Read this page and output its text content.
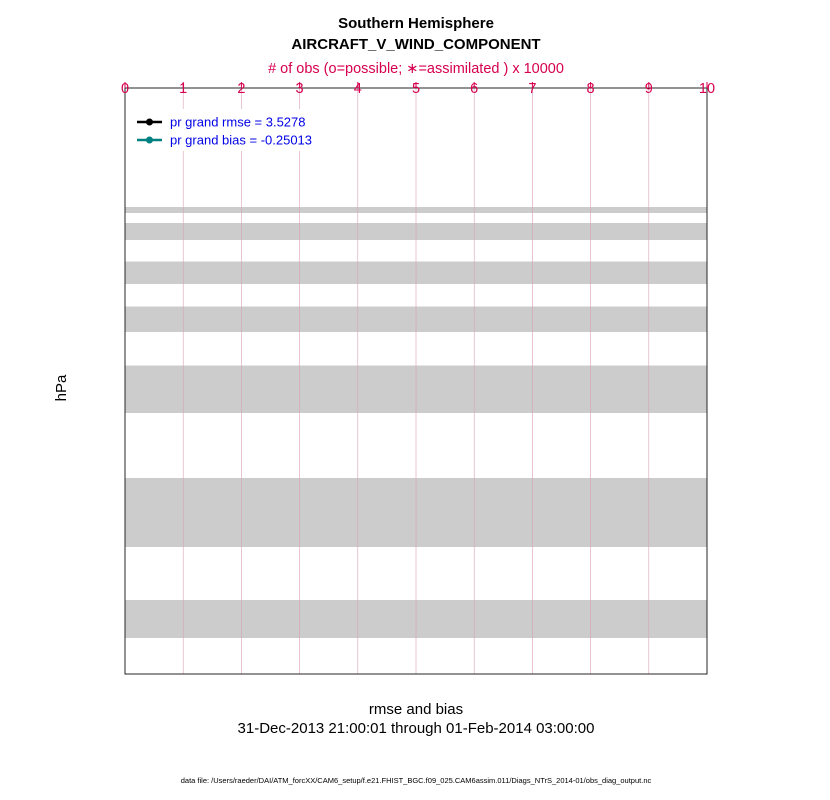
0	1	2	3	4	5	6	7	8	9	10
Southern Hemisphere
AIRCRAFT_V_WIND_COMPONENT
# of obs (o=possible; ∗=assimilated ) x 10000
rmse and bias
31-Dec-2013 21:00:01 through 01-Feb-2014 03:00:00
hPa
data file: /Users/raeder/DAI/ATM_forcXX/CAM6_setup/f.e21.FHIST_BGC.f09_025.CAM6assim.011/Diags_NTrS_2014-01/obs_diag_output.nc
pr grand rmse = 3.5278
pr grand bias = -0.25013
